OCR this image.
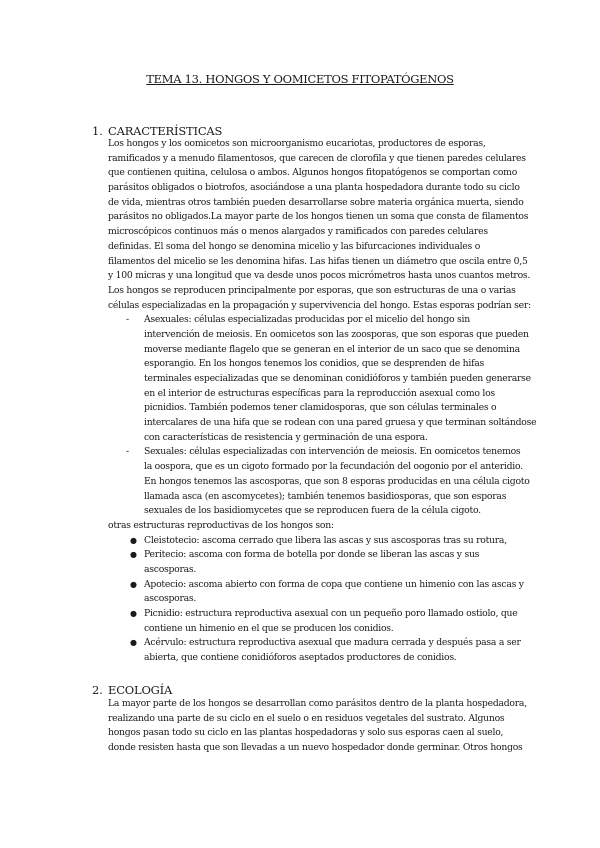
TEMA 13. HONGOS Y OOMICETOS FITOPATÓGENOS
1. CARACTERÍSTICAS
Los hongos y los oomicetos son microorganismo eucariotas, productores de esporas,
ramificados y a menudo filamentosos, que carecen de clorofila y que tienen paredes celulares
que contienen quitina, celulosa o ambos. Algunos hongos fitopatógenos se comportan como
parásitos obligados o biotrofos, asociándose a una planta hospedadora durante todo su ciclo
de vida, mientras otros también pueden desarrollarse sobre materia orgánica muerta, siendo
parásitos no obligados.La mayor parte de los hongos tienen un soma que consta de filamentos
microscópicos continuos más o menos alargados y ramificados con paredes celulares
definidas. El soma del hongo se denomina micelio y las bifurcaciones individuales o
filamentos del micelio se les denomina hifas. Las hifas tienen un diámetro que oscila entre 0,5
y 100 micras y una longitud que va desde unos pocos micrómetros hasta unos cuantos metros.
Los hongos se reproducen principalmente por esporas, que son estructuras de una o varias
células especializadas en la propagación y supervivencia del hongo. Estas esporas podrían ser:
- Asexuales: células especializadas producidas por el micelio del hongo sin
intervención de meiosis. En oomicetos son las zoosporas, que son esporas que pueden
moverse mediante flagelo que se generan en el interior de un saco que se denomina
esporangio. En los hongos tenemos los conidios, que se desprenden de hifas
terminales especializadas que se denominan conidióforos y también pueden generarse
en el interior de estructuras específicas para la reproducción asexual como los
picnidios. También podemos tener clamidosporas, que son células terminales o
intercalares de una hifa que se rodean con una pared gruesa y que terminan soltándose
con características de resistencia y germinación de una espora.
- Sexuales: células especializadas con intervención de meiosis. En oomicetos tenemos
la oospora, que es un cigoto formado por la fecundación del oogonio por el anteridio.
En hongos tenemos las ascosporas, que son 8 esporas producidas en una célula cigoto
llamada asca (en ascomycetes); también tenemos basidiosporas, que son esporas
sexuales de los basidiomycetes que se reproducen fuera de la célula cigoto.
otras estructuras reproductivas de los hongos son:
● Cleistotecio: ascoma cerrado que libera las ascas y sus ascosporas tras su rotura,
● Peritecio: ascoma con forma de botella por donde se liberan las ascas y sus
ascosporas.
● Apotecio: ascoma abierto con forma de copa que contiene un himenio con las ascas y
ascosporas.
● Picnidio: estructura reproductiva asexual con un pequeño poro llamado ostiolo, que
contiene un himenio en el que se producen los conidios.
● Acérvulo: estructura reproductiva asexual que madura cerrada y después pasa a ser
abierta, que contiene conidióforos aseptados productores de conidios.
2. ECOLOGÍA
La mayor parte de los hongos se desarrollan como parásitos dentro de la planta hospedadora,
realizando una parte de su ciclo en el suelo o en residuos vegetales del sustrato. Algunos
hongos pasan todo su ciclo en las plantas hospedadoras y solo sus esporas caen al suelo,
donde resisten hasta que son llevadas a un nuevo hospedador donde germinar. Otros hongos
